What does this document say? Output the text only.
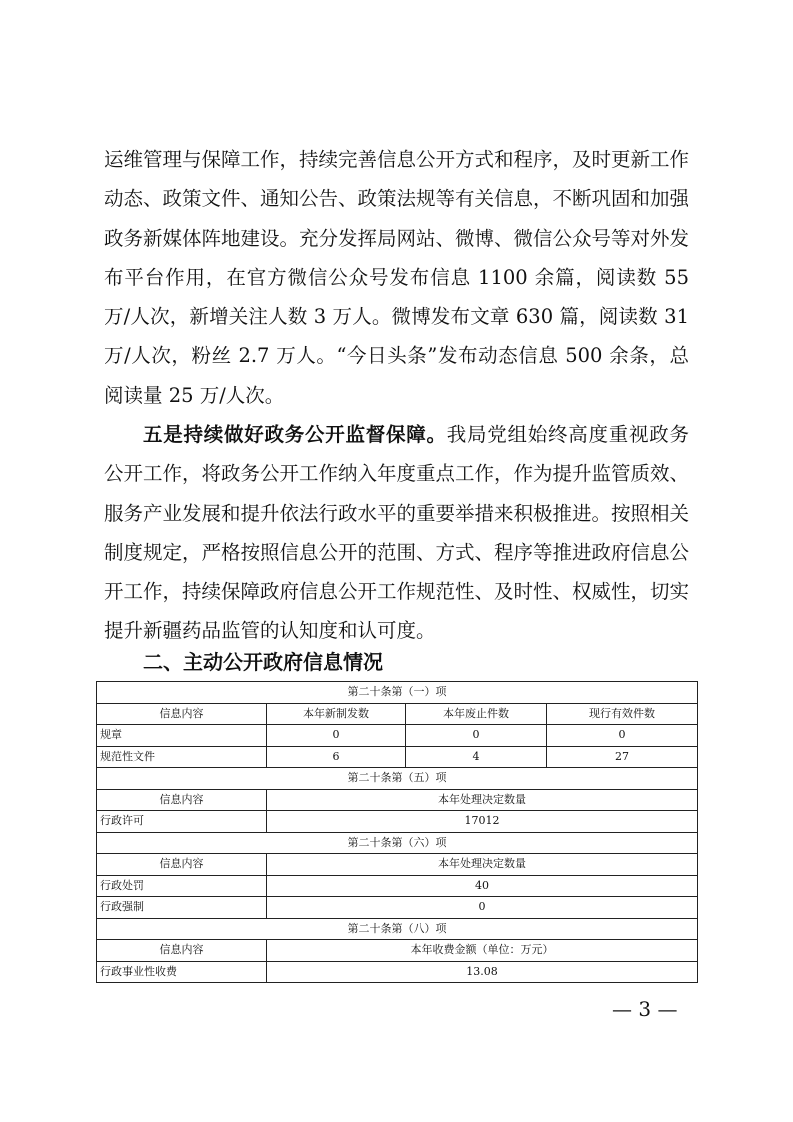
运维管理与保障工作，持续完善信息公开方式和程序，及时更新工作动态、政策文件、通知公告、政策法规等有关信息，不断巩固和加强政务新媒体阵地建设。充分发挥局网站、微博、微信公众号等对外发布平台作用，在官方微信公众号发布信息 1100 余篇，阅读数 55 万/人次，新增关注人数 3 万人。微博发布文章 630 篇，阅读数 31 万/人次，粉丝 2.7 万人。“今日头条”发布动态信息 500 余条，总阅读量 25 万/人次。

五是持续做好政务公开监督保障。我局党组始终高度重视政务公开工作，将政务公开工作纳入年度重点工作，作为提升监管质效、服务产业发展和提升依法行政水平的重要举措来积极推进。按照相关制度规定，严格按照信息公开的范围、方式、程序等推进政府信息公开工作，持续保障政府信息公开工作规范性、及时性、权威性，切实提升新疆药品监管的认知度和认可度。

二、主动公开政府信息情况
第二十条第（一）项			
信息内容	本年新制发数	本年废止件数	现行有效件数
规章	0	0	0
规范性文件	6	4	27
第二十条第（五）项			
信息内容	本年处理决定数量		
行政许可	17012		
第二十条第（六）项			
信息内容	本年处理决定数量		
行政处罚	40		
行政强制	0		
第二十条第（八）项			
信息内容	本年收费金额（单位：万元）		
行政事业性收费	13.08		

— 3 —
